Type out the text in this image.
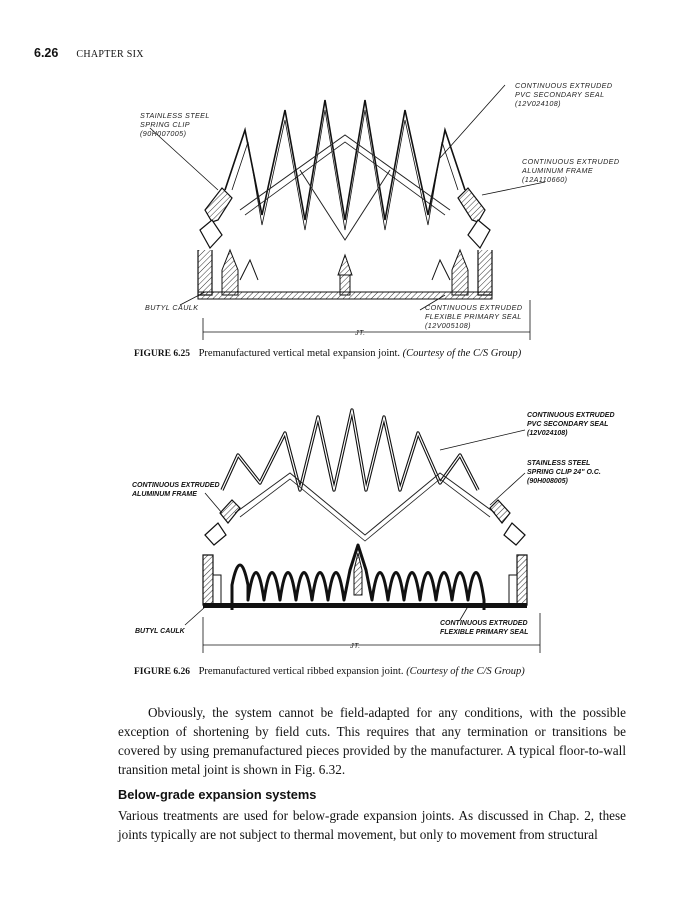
6.26 CHAPTER SIX
CONTINUOUS EXTRUDED
PVC SECONDARY SEAL
(12V024108)
STAINLESS STEEL
SPRING CLIP
(90H007005)
CONTINUOUS EXTRUDED
ALUMINUM FRAME
(12A110660)
BUTYL CAULK	CONTINUOUS EXTRUDED
FLEXIBLE PRIMARY SEAL
(12V005108)
JT.
FIGURE 6.25 Premanufactured vertical metal expansion joint. (Courtesy of the C/S Group)
CONTINUOUS EXTRUDED
PVC SECONDARY SEAL
(12V024108)
STAINLESS STEEL
SPRING CLIP 24" O.C.
(90H008005)
CONTINUOUS EXTRUDED
ALUMINUM FRAME
BUTYL CAULK
CONTINUOUS EXTRUDED
FLEXIBLE PRIMARY SEAL
JT.
FIGURE 6.26 Premanufactured vertical ribbed expansion joint. (Courtesy of the C/S Group)
Obviously, the system cannot be field-adapted for any conditions, with the possible exception of shortening by field cuts. This requires that any termination or transitions be covered by using premanufactured pieces provided by the manufacturer. A typical floor-to-wall transition metal joint is shown in Fig. 6.32.
Below-grade expansion systems
Various treatments are used for below-grade expansion joints. As discussed in Chap. 2, these joints typically are not subject to thermal movement, but only to movement from structural
